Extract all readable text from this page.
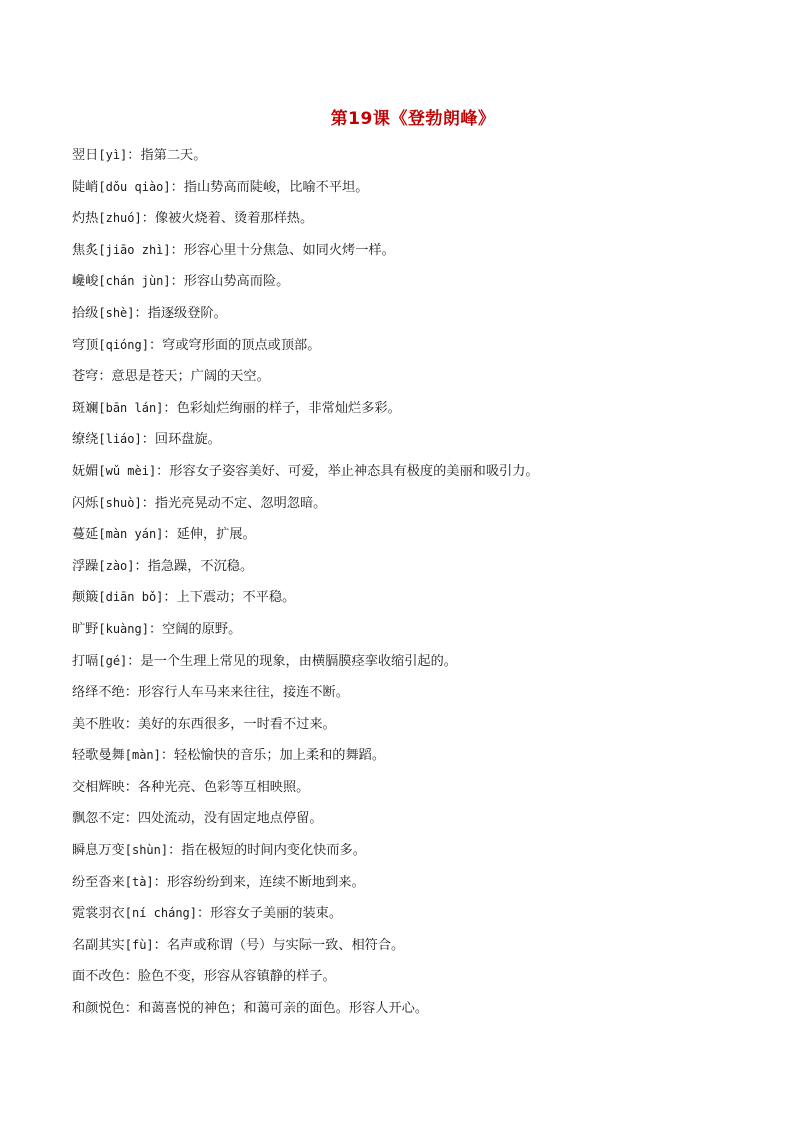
第19课《登勃朗峰》
翌日[yì]：指第二天。
陡峭[dǒu qiào]：指山势高而陡峻，比喻不平坦。
灼热[zhuó]：像被火烧着、烫着那样热。
焦炙[jiāo zhì]：形容心里十分焦急、如同火烤一样。
巉峻[chán jùn]：形容山势高而险。
拾级[shè]：指逐级登阶。
穹顶[qióng]：穹或穹形面的顶点或顶部。
苍穹：意思是苍天；广阔的天空。
斑斓[bān lán]：色彩灿烂绚丽的样子，非常灿烂多彩。
缭绕[liáo]：回环盘旋。
妩媚[wǔ mèi]：形容女子姿容美好、可爱，举止神态具有极度的美丽和吸引力。
闪烁[shuò]：指光亮晃动不定、忽明忽暗。
蔓延[màn yán]：延伸，扩展。
浮躁[zào]：指急躁，不沉稳。
颠簸[diān bǒ]：上下震动；不平稳。
旷野[kuàng]：空阔的原野。
打嗝[gé]：是一个生理上常见的现象，由横膈膜痉挛收缩引起的。
络绎不绝：形容行人车马来来往往，接连不断。
美不胜收：美好的东西很多，一时看不过来。
轻歌曼舞[màn]：轻松愉快的音乐；加上柔和的舞蹈。
交相辉映：各种光亮、色彩等互相映照。
飘忽不定：四处流动，没有固定地点停留。
瞬息万变[shùn]：指在极短的时间内变化快而多。
纷至沓来[tà]：形容纷纷到来，连续不断地到来。
霓裳羽衣[ní cháng]：形容女子美丽的装束。
名副其实[fù]：名声或称谓（号）与实际一致、相符合。
面不改色：脸色不变，形容从容镇静的样子。
和颜悦色：和蔼喜悦的神色；和蔼可亲的面色。形容人开心。
